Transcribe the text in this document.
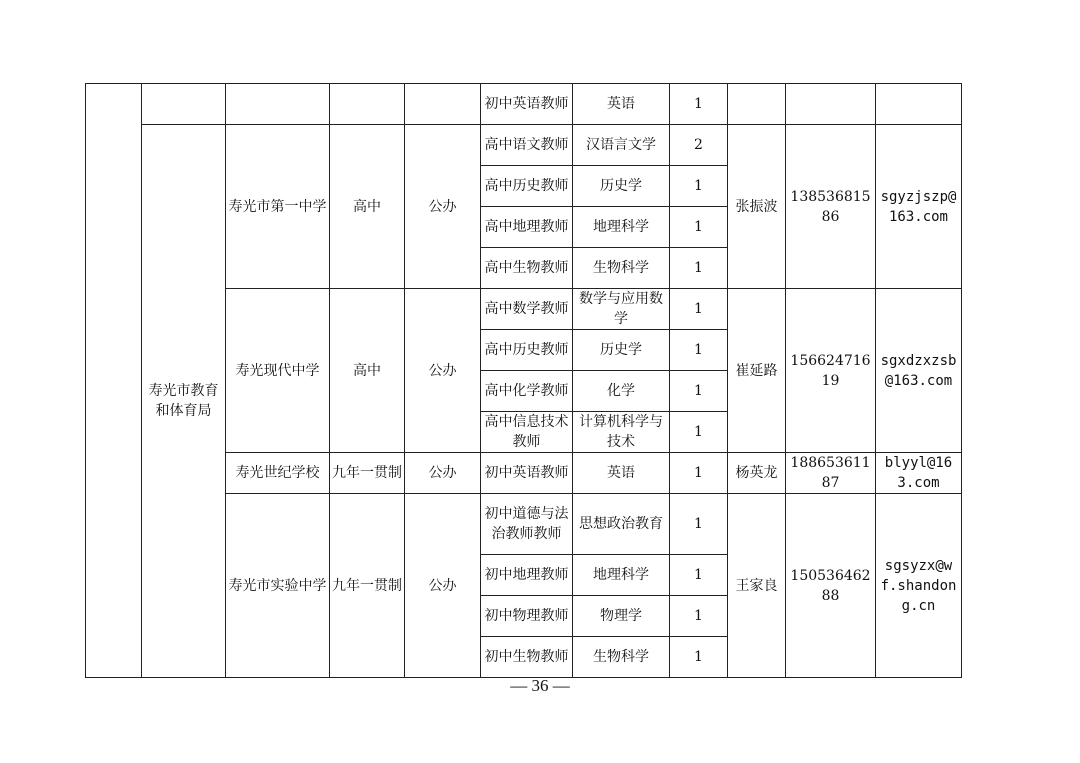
					初中英语教师	英语	1			
	寿光市教育和体育局	寿光市第一中学	高中	公办	高中语文教师	汉语言文学	2	张振波	13853681586	sgyzjszp@163.com
					高中历史教师	历史学	1			
					高中地理教师	地理科学	1			
					高中生物教师	生物科学	1			
		寿光现代中学	高中	公办	高中数学教师	数学与应用数学	1	崔延路	15662471619	sgxdzxzsb@163.com
					高中历史教师	历史学	1			
					高中化学教师	化学	1			
					高中信息技术教师	计算机科学与技术	1			
		寿光世纪学校	九年一贯制	公办	初中英语教师	英语	1	杨英龙	18865361187	blyyl@163.com
		寿光市实验中学	九年一贯制	公办	初中道德与法治教师教师	思想政治教育	1	王家良	15053646288	sgsyzx@wf.shandong.cn
					初中地理教师	地理科学	1			
					初中物理教师	物理学	1			
					初中生物教师	生物科学	1			
— 36 —
